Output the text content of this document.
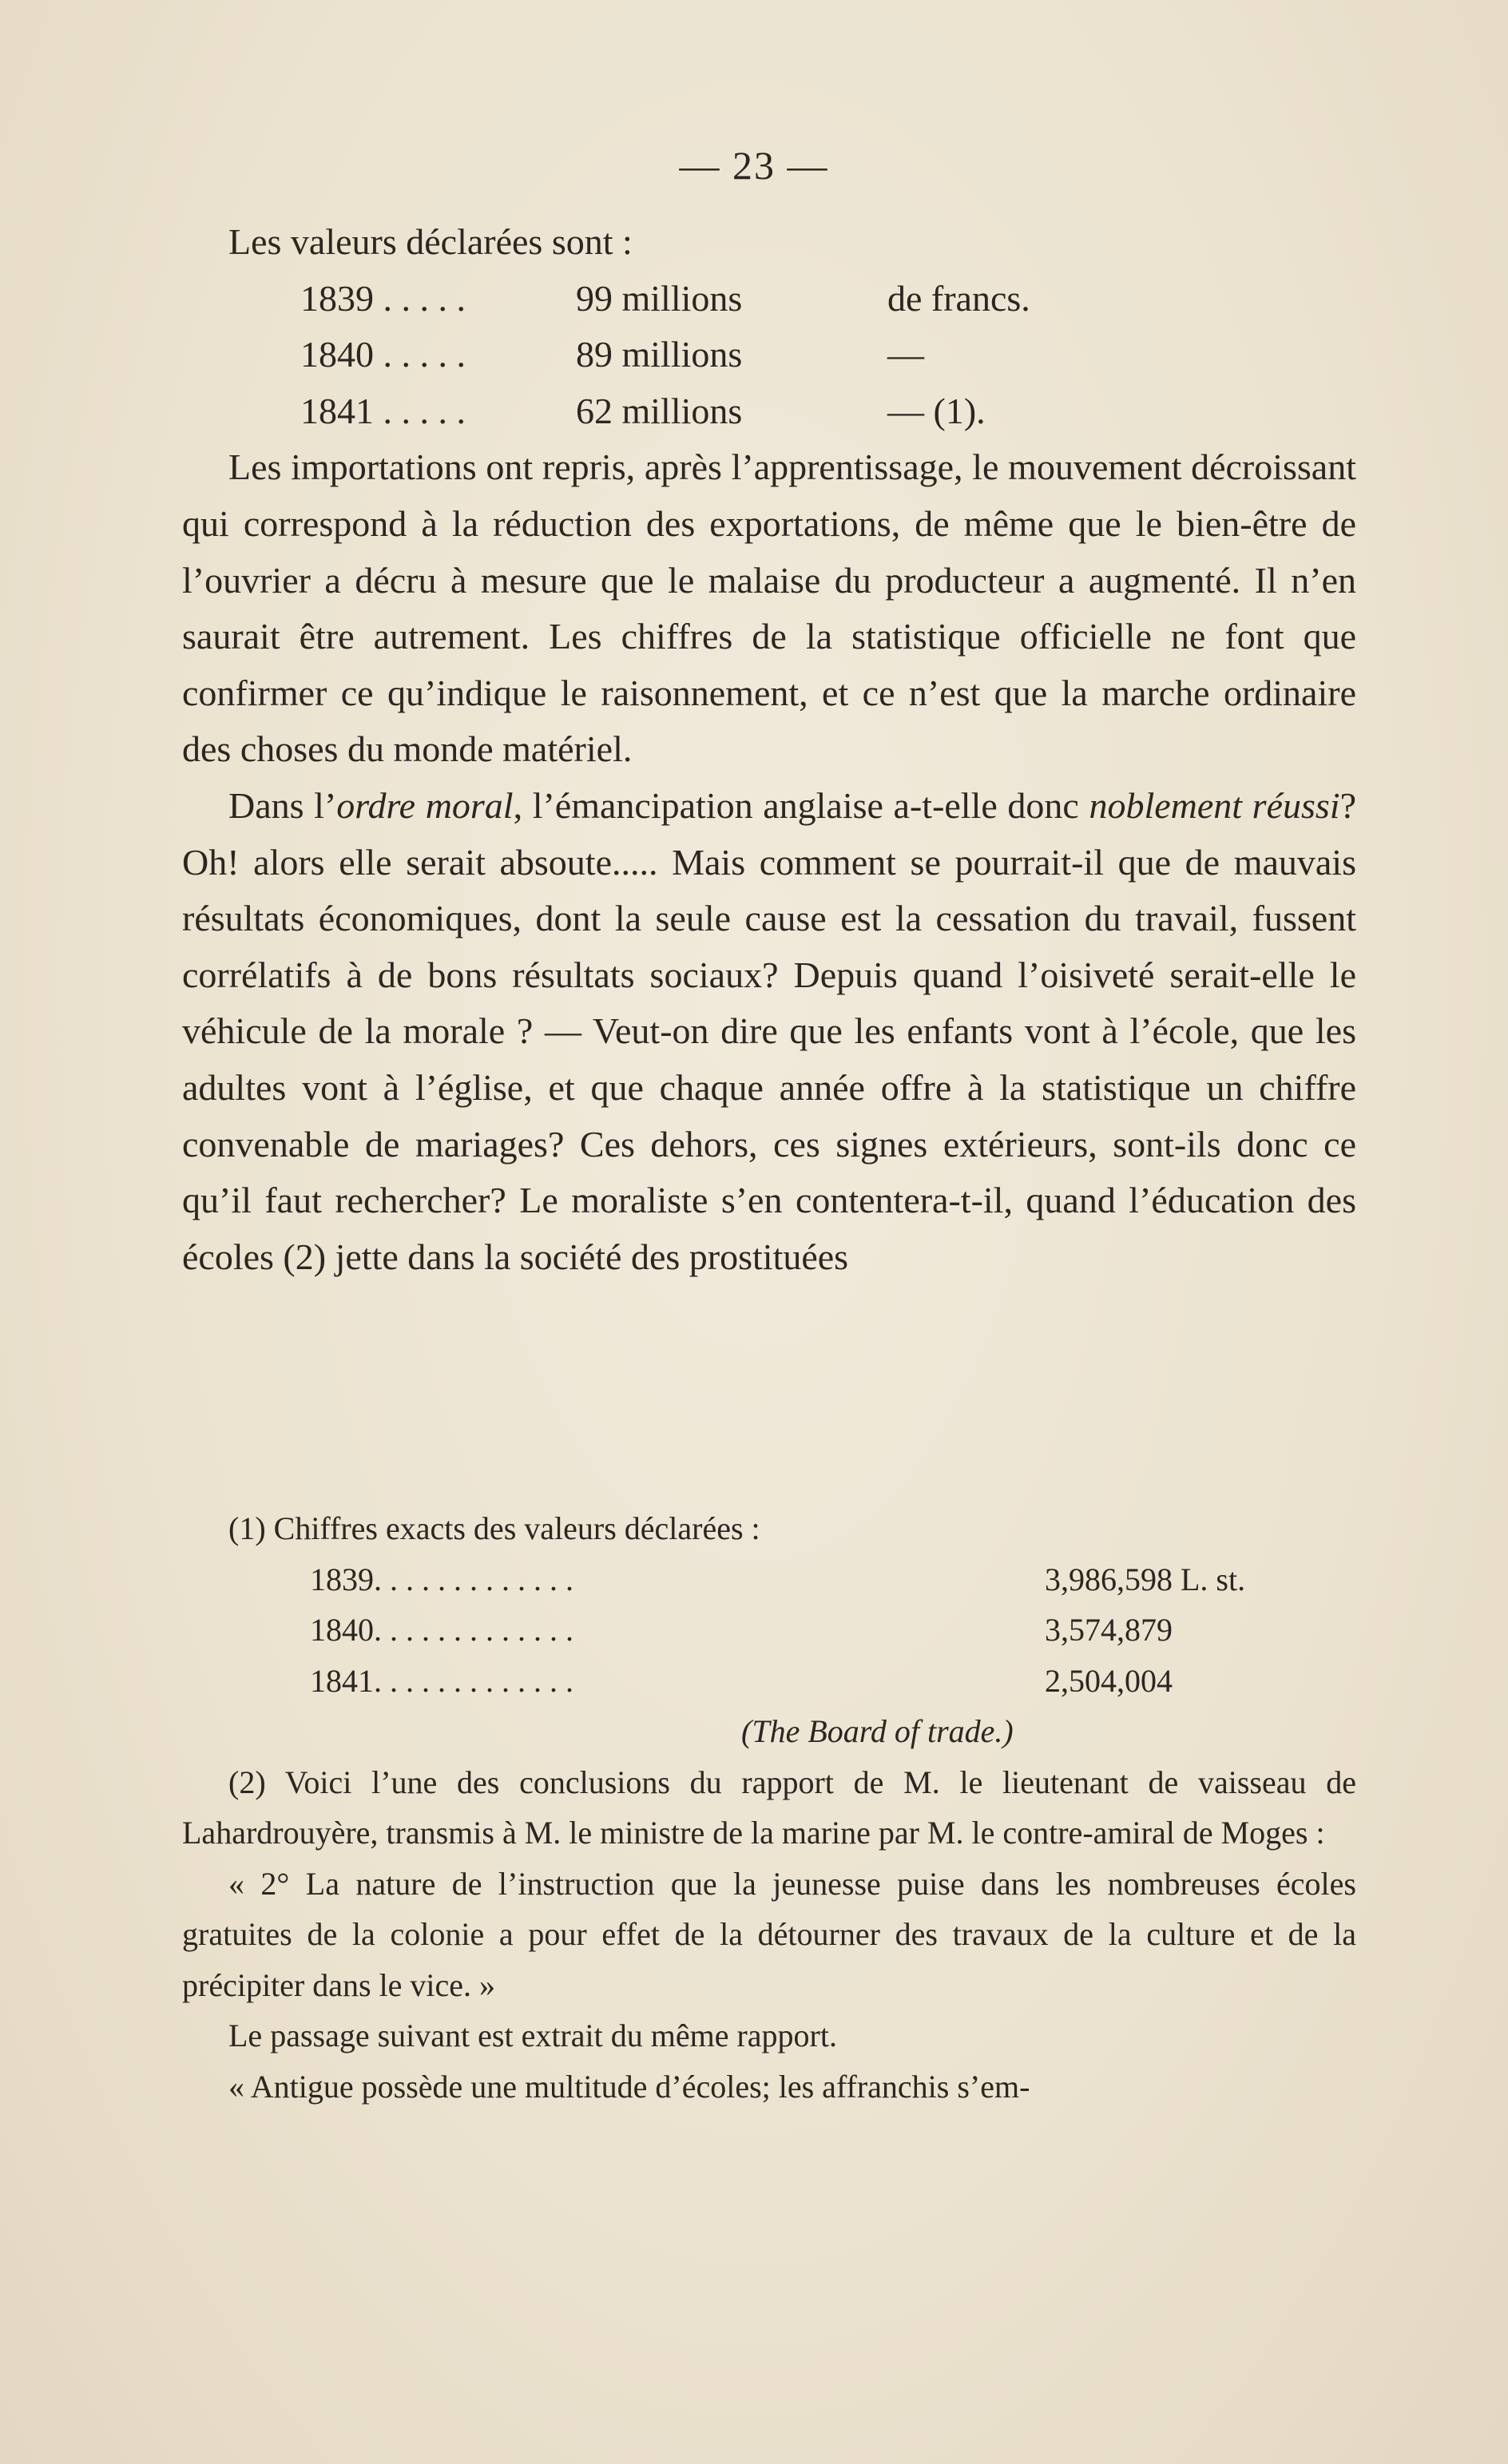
— 23 —

Les valeurs déclarées sont :

1839 . . . . .	99 millions	de francs.
1840 . . . . .	89 millions	—
1841 . . . . .	62 millions	— (1).

Les importations ont repris, après l’apprentissage, le mouvement décroissant qui correspond à la réduction des exportations, de même que le bien-être de l’ouvrier a décru à mesure que le malaise du producteur a augmenté. Il n’en saurait être autrement. Les chiffres de la statistique officielle ne font que confirmer ce qu’indique le raisonnement, et ce n’est que la marche ordinaire des choses du monde matériel.

Dans l’ordre moral, l’émancipation anglaise a-t-elle donc noblement réussi? Oh! alors elle serait absoute..... Mais comment se pourrait-il que de mauvais résultats économiques, dont la seule cause est la cessation du travail, fussent corrélatifs à de bons résultats sociaux? Depuis quand l’oisiveté serait-elle le véhicule de la morale ? — Veut-on dire que les enfants vont à l’école, que les adultes vont à l’église, et que chaque année offre à la statistique un chiffre convenable de mariages? Ces dehors, ces signes extérieurs, sont-ils donc ce qu’il faut rechercher? Le moraliste s’en contentera-t-il, quand l’éducation des écoles (2) jette dans la société des prostituées

(1) Chiffres exacts des valeurs déclarées :

1839. . . . . . . . . . . . .	3,986,598 L. st.
1840. . . . . . . . . . . . .	3,574,879
1841. . . . . . . . . . . . .	2,504,004

(The Board of trade.)

(2) Voici l’une des conclusions du rapport de M. le lieutenant de vaisseau de Lahardrouyère, transmis à M. le ministre de la marine par M. le contre-amiral de Moges :

« 2° La nature de l’instruction que la jeunesse puise dans les nombreuses écoles gratuites de la colonie a pour effet de la détourner des travaux de la culture et de la précipiter dans le vice. »

Le passage suivant est extrait du même rapport.

« Antigue possède une multitude d’écoles; les affranchis s’em-
